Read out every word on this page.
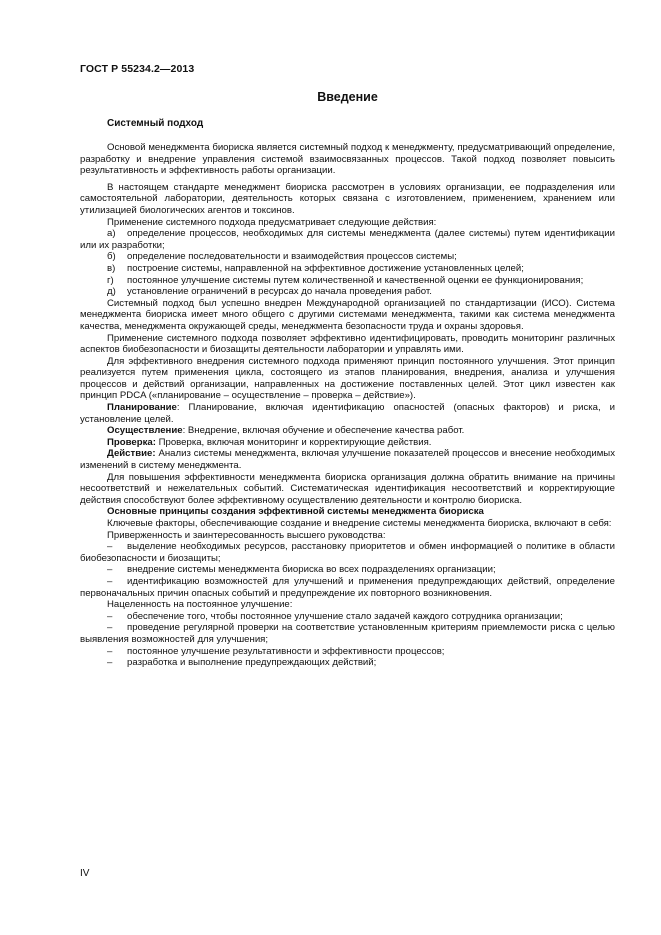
ГОСТ Р 55234.2—2013
Введение
Системный подход

Основой менеджмента биориска является системный подход к менеджменту, предусматривающий определение, разработку и внедрение управления системой взаимосвязанных процессов. Такой подход позволяет повысить результативность и эффективность работы организации.

В настоящем стандарте менеджмент биориска рассмотрен в условиях организации, ее подразделения или самостоятельной лаборатории, деятельность которых связана с изготовлением, применением, хранением или утилизацией биологических агентов и токсинов.

Применение системного подхода предусматривает следующие действия:

а) определение процессов, необходимых для системы менеджмента (далее системы) путем идентификации или их разработки;

б) определение последовательности и взаимодействия процессов системы;

в) построение системы, направленной на эффективное достижение установленных целей;

г) постоянное улучшение системы путем количественной и качественной оценки ее функционирования;

д) установление ограничений в ресурсах до начала проведения работ.

Системный подход был успешно внедрен Международной организацией по стандартизации (ИСО). Система менеджмента биориска имеет много общего с другими системами менеджмента, такими как система менеджмента качества, менеджмента окружающей среды, менеджмента безопасности труда и охраны здоровья.

Применение системного подхода позволяет эффективно идентифицировать, проводить мониторинг различных аспектов биобезопасности и биозащиты деятельности лаборатории и управлять ими.

Для эффективного внедрения системного подхода применяют принцип постоянного улучшения. Этот принцип реализуется путем применения цикла, состоящего из этапов планирования, внедрения, анализа и улучшения процессов и действий организации, направленных на достижение поставленных целей. Этот цикл известен как принцип PDCA («планирование – осуществление – проверка – действие»).

Планирование: Планирование, включая идентификацию опасностей (опасных факторов) и риска, и установление целей.

Осуществление: Внедрение, включая обучение и обеспечение качества работ.

Проверка: Проверка, включая мониторинг и корректирующие действия.

Действие: Анализ системы менеджмента, включая улучшение показателей процессов и внесение необходимых изменений в систему менеджмента.

Для повышения эффективности менеджмента биориска организация должна обратить внимание на причины несоответствий и нежелательных событий. Систематическая идентификация несоответствий и корректирующие действия способствуют более эффективному осуществлению деятельности и контролю биориска.

Основные принципы создания эффективной системы менеджмента биориска

Ключевые факторы, обеспечивающие создание и внедрение системы менеджмента биориска, включают в себя:

Приверженность и заинтересованность высшего руководства:

– выделение необходимых ресурсов, расстановку приоритетов и обмен информацией о политике в области биобезопасности и биозащиты;

– внедрение системы менеджмента биориска во всех подразделениях организации;

– идентификацию возможностей для улучшений и применения предупреждающих действий, определение первоначальных причин опасных событий и предупреждение их повторного возникновения.

Нацеленность на постоянное улучшение:

– обеспечение того, чтобы постоянное улучшение стало задачей каждого сотрудника организации;

– проведение регулярной проверки на соответствие установленным критериям приемлемости риска с целью выявления возможностей для улучшения;

– постоянное улучшение результативности и эффективности процессов;

– разработка и выполнение предупреждающих действий;

IV
